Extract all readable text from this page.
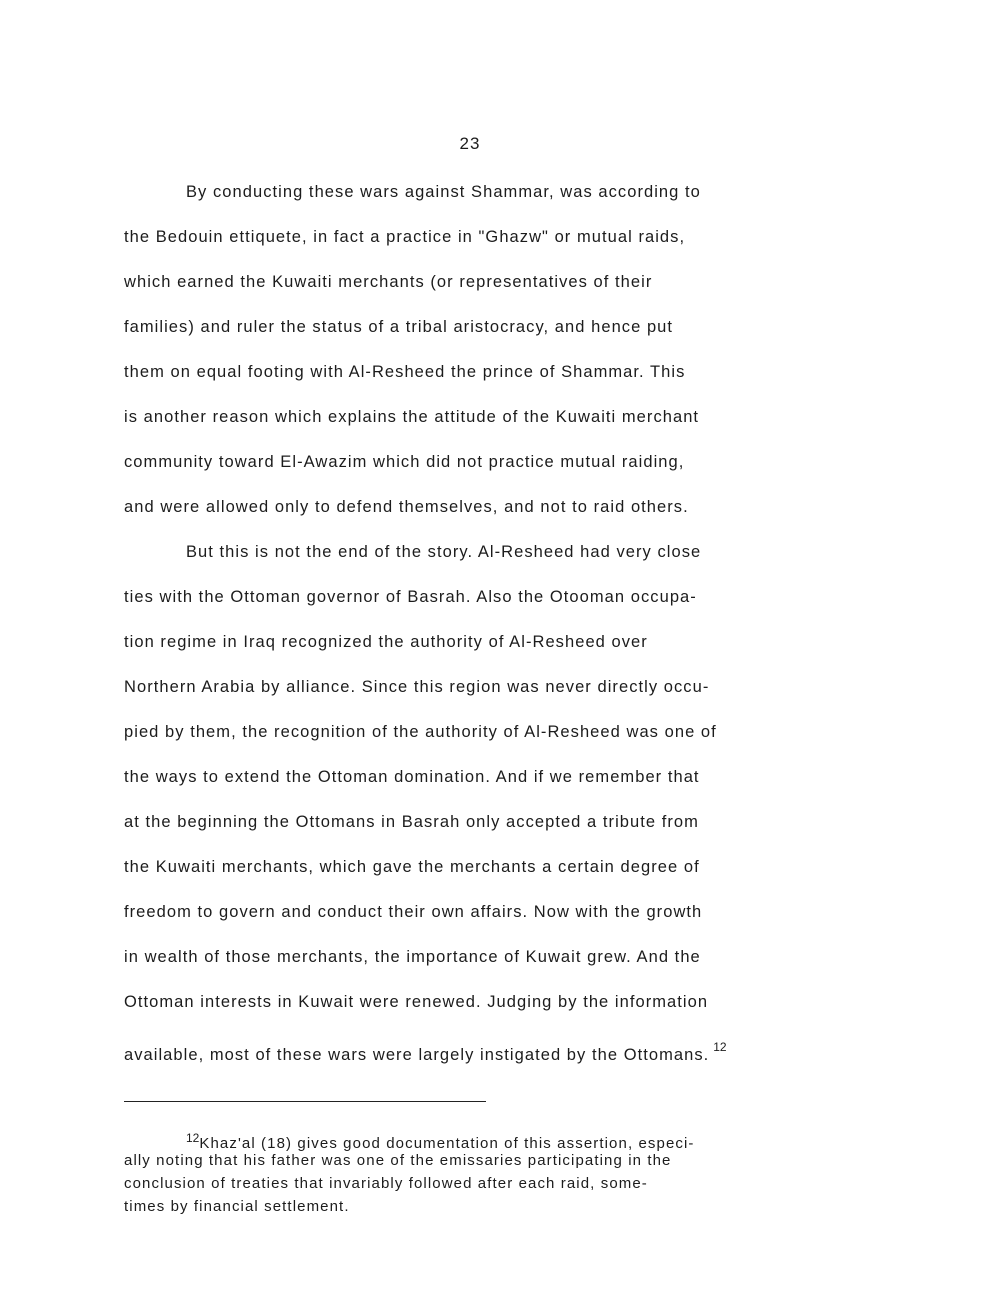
23
By conducting these wars against Shammar, was according to
the Bedouin ettiquete, in fact a practice in "Ghazw" or mutual raids,
which earned the Kuwaiti merchants (or representatives of their
families) and ruler the status of a tribal aristocracy, and hence put
them on equal footing with Al-Resheed the prince of Shammar. This
is another reason which explains the attitude of the Kuwaiti merchant
community toward El-Awazim which did not practice mutual raiding,
and were allowed only to defend themselves, and not to raid others.
But this is not the end of the story. Al-Resheed had very close
ties with the Ottoman governor of Basrah. Also the Otooman occupa-
tion regime in Iraq recognized the authority of Al-Resheed over
Northern Arabia by alliance. Since this region was never directly occu-
pied by them, the recognition of the authority of Al-Resheed was one of
the ways to extend the Ottoman domination. And if we remember that
at the beginning the Ottomans in Basrah only accepted a tribute from
the Kuwaiti merchants, which gave the merchants a certain degree of
freedom to govern and conduct their own affairs. Now with the growth
in wealth of those merchants, the importance of Kuwait grew. And the
Ottoman interests in Kuwait were renewed. Judging by the information
available, most of these wars were largely instigated by the Ottomans. $^{12}$
$^{12}$Khaz'al (18) gives good documentation of this assertion, especi-
ally noting that his father was one of the emissaries participating in the
conclusion of treaties that invariably followed after each raid, some-
times by financial settlement.
